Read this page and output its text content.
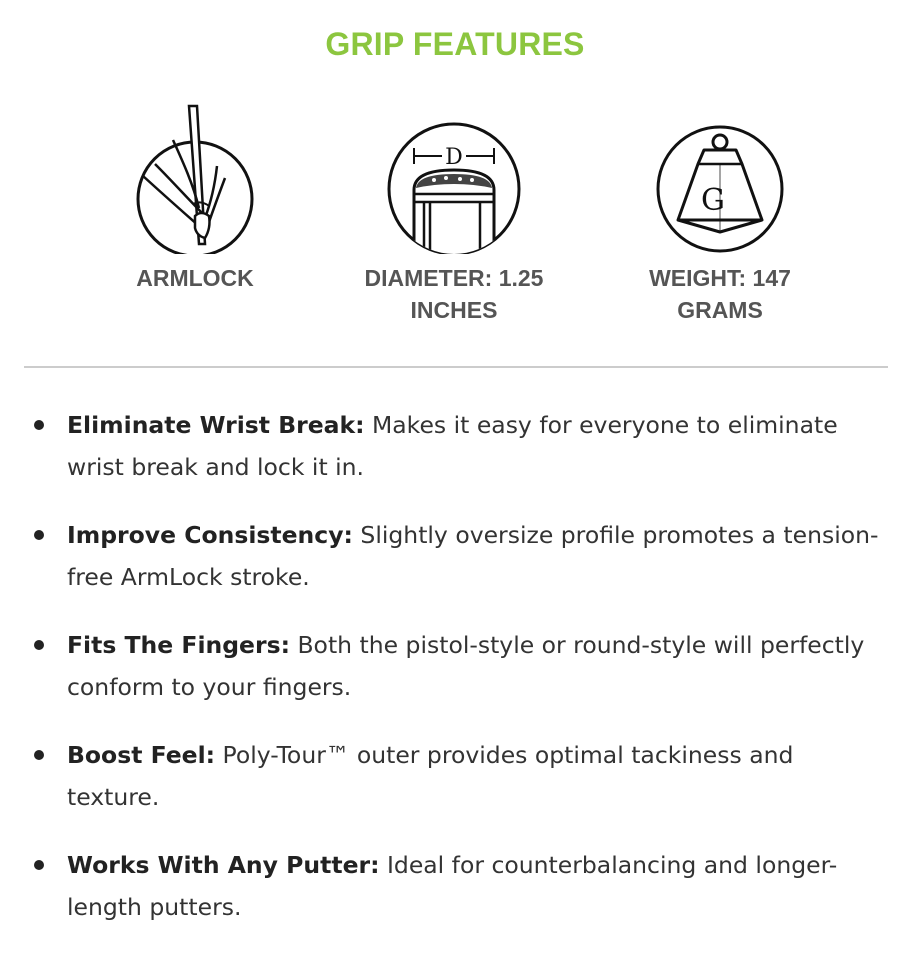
GRIP FEATURES
ARMLOCK
D
DIAMETER: 1.25 INCHES
G
WEIGHT: 147 GRAMS
Eliminate Wrist Break: Makes it easy for everyone to eliminate wrist break and lock it in.
Improve Consistency: Slightly oversize profile promotes a tension-free ArmLock stroke.
Fits The Fingers: Both the pistol-style or round-style will perfectly conform to your fingers.
Boost Feel: Poly-Tour™ outer provides optimal tackiness and texture.
Works With Any Putter: Ideal for counterbalancing and longer-length putters.
